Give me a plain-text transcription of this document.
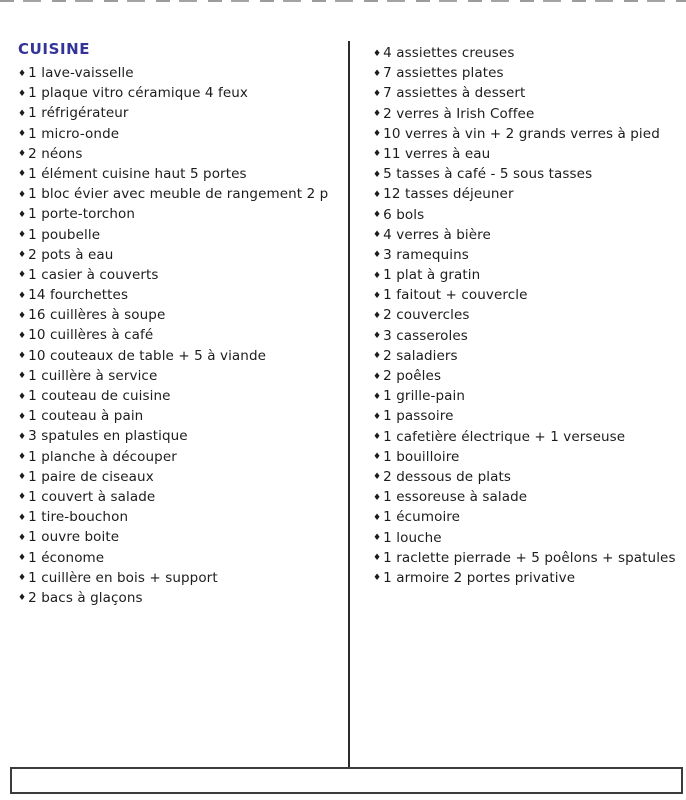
CUISINE
♦ 1 lave-vaisselle
♦ 1 plaque vitro céramique 4 feux
♦ 1 réfrigérateur
♦ 1 micro-onde
♦ 2 néons
♦ 1 élément cuisine haut 5 portes
♦ 1 bloc évier avec meuble de rangement 2 p
♦ 1 porte-torchon
♦ 1 poubelle
♦ 2 pots à eau
♦ 1 casier à couverts
♦ 14 fourchettes
♦ 16 cuillères à soupe
♦ 10 cuillères à café
♦ 10 couteaux de table + 5 à viande
♦ 1 cuillère à service
♦ 1 couteau de cuisine
♦ 1 couteau à pain
♦ 3 spatules en plastique
♦ 1 planche à découper
♦ 1 paire de ciseaux
♦ 1 couvert à salade
♦ 1 tire-bouchon
♦ 1 ouvre boite
♦ 1 économe
♦ 1 cuillère en bois + support
♦ 2 bacs à glaçons
♦ 4 assiettes creuses
♦ 7 assiettes plates
♦ 7 assiettes à dessert
♦ 2 verres à Irish Coffee
♦ 10 verres à vin + 2 grands verres à pied
♦ 11 verres à eau
♦ 5 tasses à café - 5 sous tasses
♦ 12 tasses déjeuner
♦ 6 bols
♦ 4 verres à bière
♦ 3 ramequins
♦ 1 plat à gratin
♦ 1 faitout + couvercle
♦ 2 couvercles
♦ 3 casseroles
♦ 2 saladiers
♦ 2 poêles
♦ 1 grille-pain
♦ 1 passoire
♦ 1 cafetière électrique + 1 verseuse
♦ 1 bouilloire
♦ 2 dessous de plats
♦ 1 essoreuse à salade
♦ 1 écumoire
♦ 1 louche
♦ 1 raclette pierrade + 5 poêlons + spatules
♦ 1 armoire 2 portes privative
